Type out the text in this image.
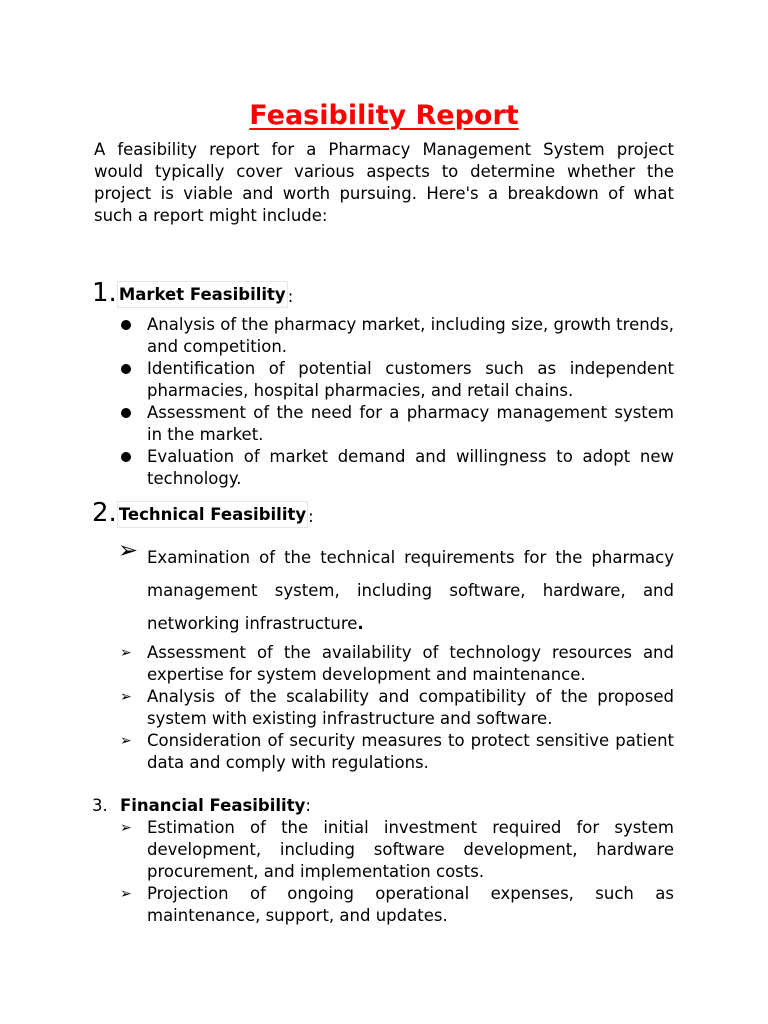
Feasibility Report
A feasibility report for a Pharmacy Management System project would typically cover various aspects to determine whether the project is viable and worth pursuing. Here's a breakdown of what such a report might include:
1. Market Feasibility :
Analysis of the pharmacy market, including size, growth trends, and competition.
Identification of potential customers such as independent pharmacies, hospital pharmacies, and retail chains.
Assessment of the need for a pharmacy management system in the market.
Evaluation of market demand and willingness to adopt new technology.
2. Technical Feasibility :
➢ Examination of the technical requirements for the pharmacy management system, including software, hardware, and networking infrastructure.
➢ Assessment of the availability of technology resources and expertise for system development and maintenance.
➢ Analysis of the scalability and compatibility of the proposed system with existing infrastructure and software.
➢ Consideration of security measures to protect sensitive patient data and comply with regulations.
3. Financial Feasibility :
➢ Estimation of the initial investment required for system development, including software development, hardware procurement, and implementation costs.
➢ Projection of ongoing operational expenses, such as maintenance, support, and updates.
